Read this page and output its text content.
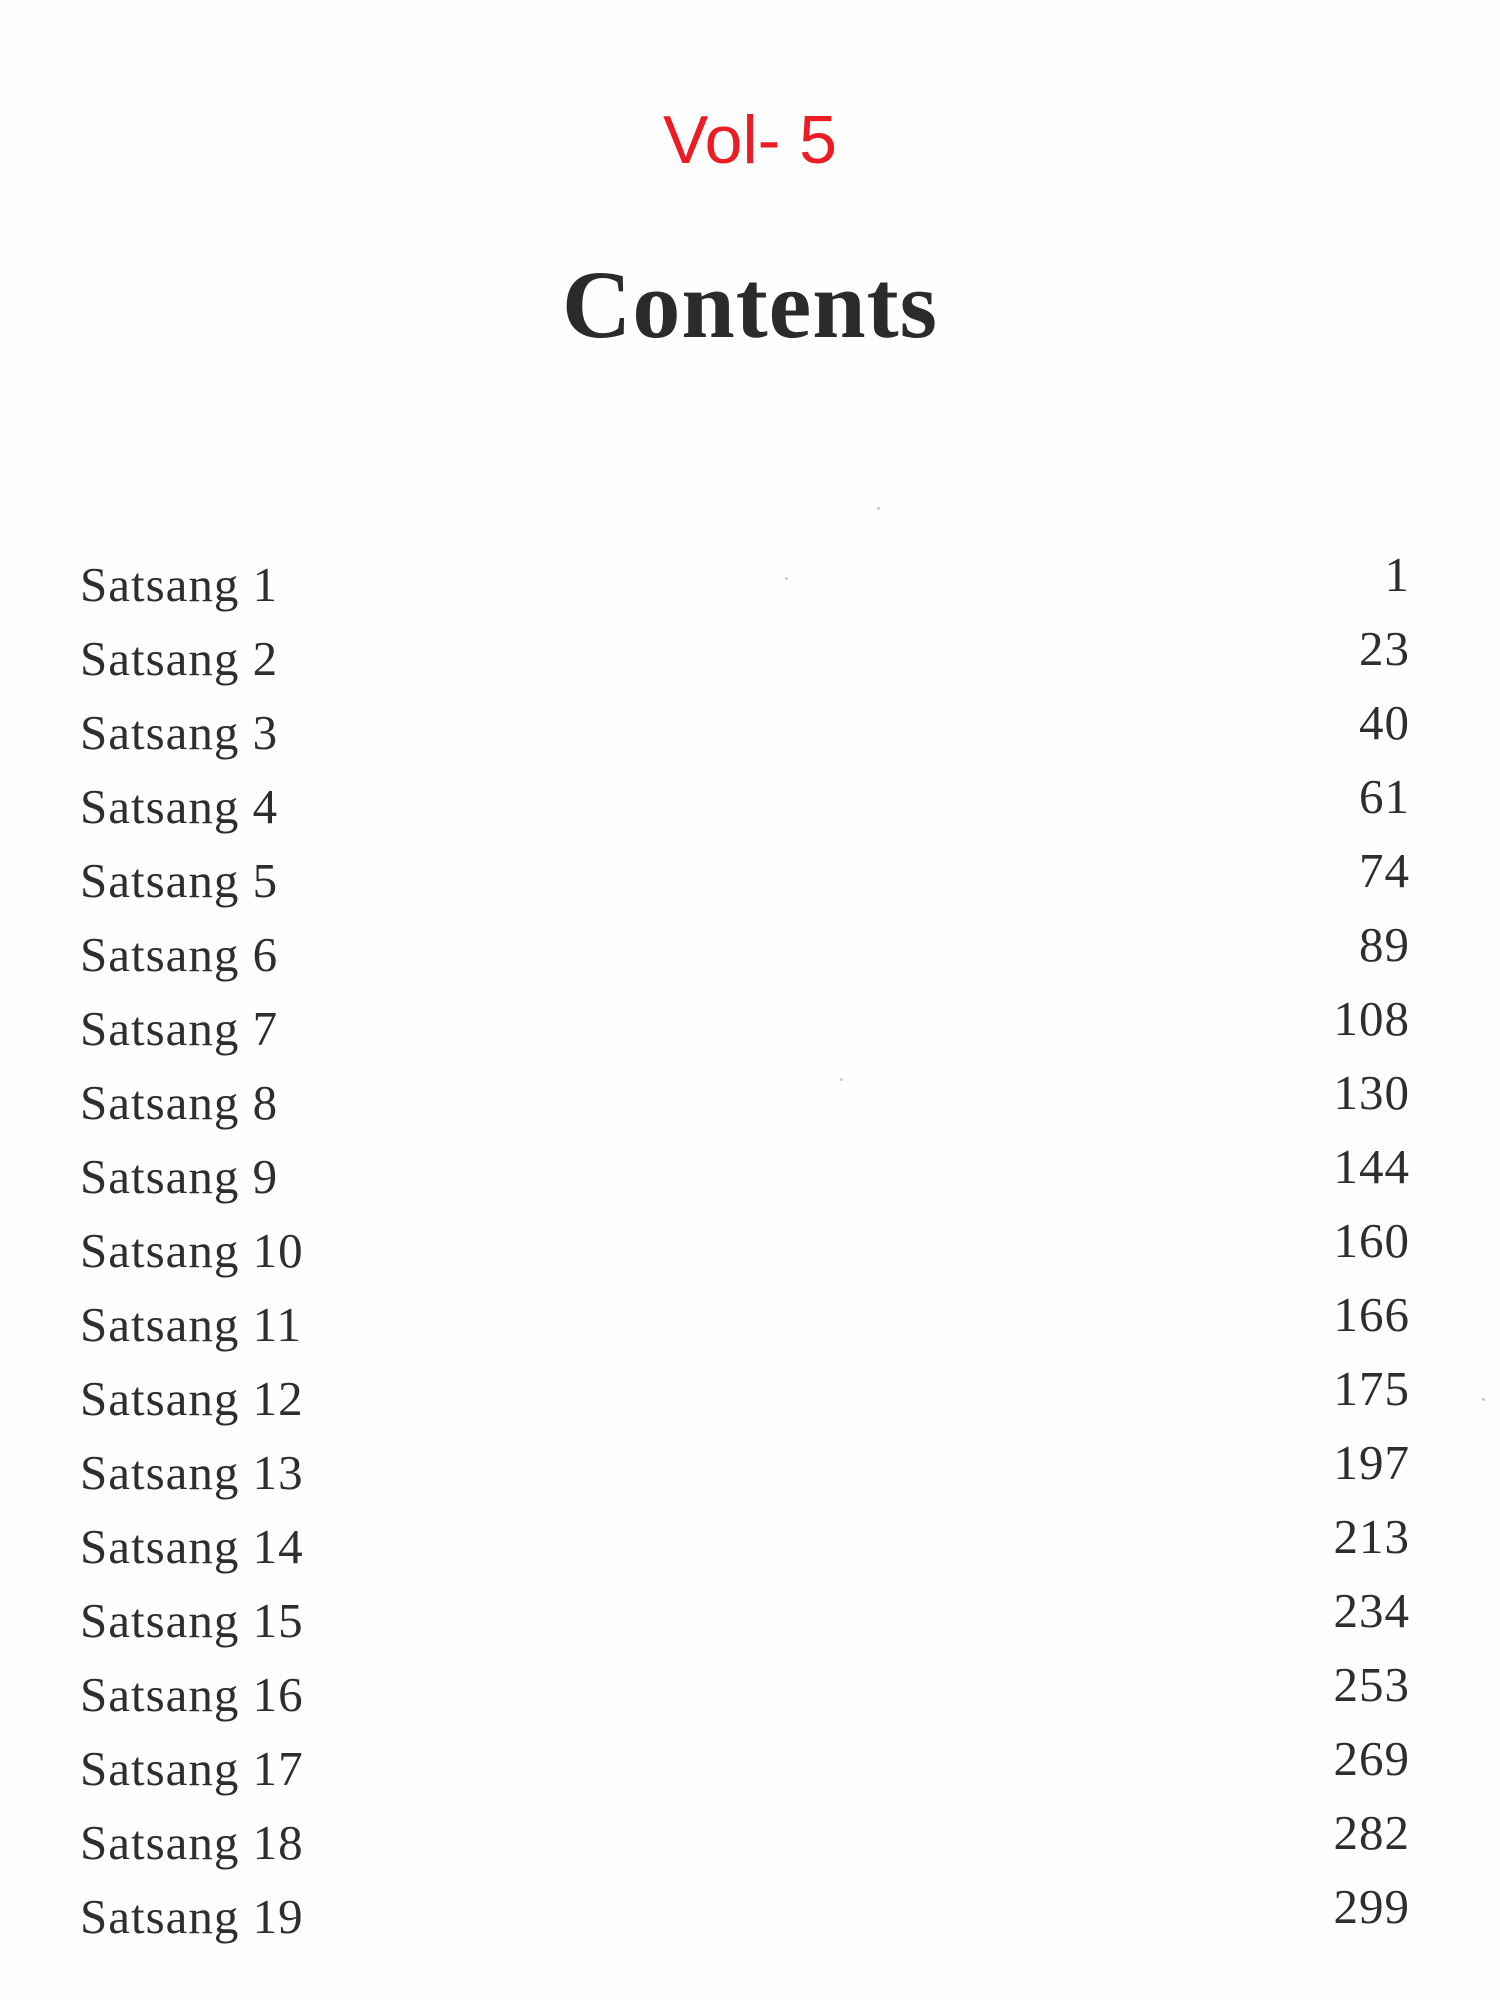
Vol- 5
Contents
Satsang 1	1
Satsang 2	23
Satsang 3	40
Satsang 4	61
Satsang 5	74
Satsang 6	89
Satsang 7	108
Satsang 8	130
Satsang 9	144
Satsang 10	160
Satsang 11	166
Satsang 12	175
Satsang 13	197
Satsang 14	213
Satsang 15	234
Satsang 16	253
Satsang 17	269
Satsang 18	282
Satsang 19	299
